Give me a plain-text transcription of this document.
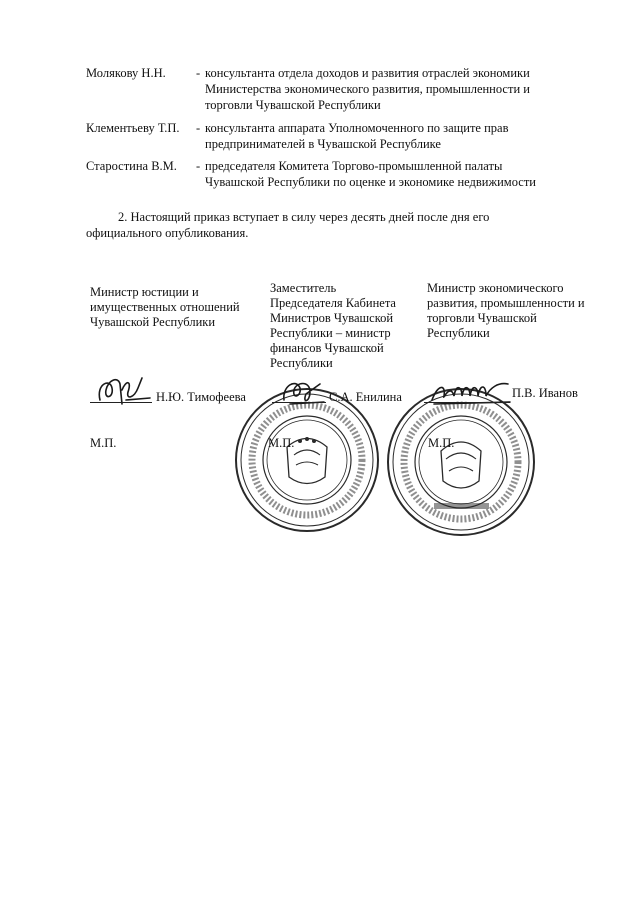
Молякову Н.Н.	- консультанта отдела доходов и развития отраслей экономики
Министерства экономического развития, промышленности и
торговли Чувашской Республики
Клементьеву Т.П.	- консультанта аппарата Уполномоченного по защите прав
предпринимателей в Чувашской Республике
Старостина В.М.	- председателя Комитета Торгово-промышленной палаты
Чувашской Республики по оценке и экономике недвижимости
2. Настоящий приказ вступает в силу через десять дней после дня его
официального опубликования.
Министр юстиции и
имущественных отношений
Чувашской Республики
Заместитель
Председателя Кабинета
Министров Чувашской
Республики – министр
финансов Чувашской
Республики
Министр экономического
развития, промышленности и
торговли Чувашской
Республики
Н.Ю. Тимофеева	С.А. Енилина	П.В. Иванов
М.П.	М.П.	М.П.
